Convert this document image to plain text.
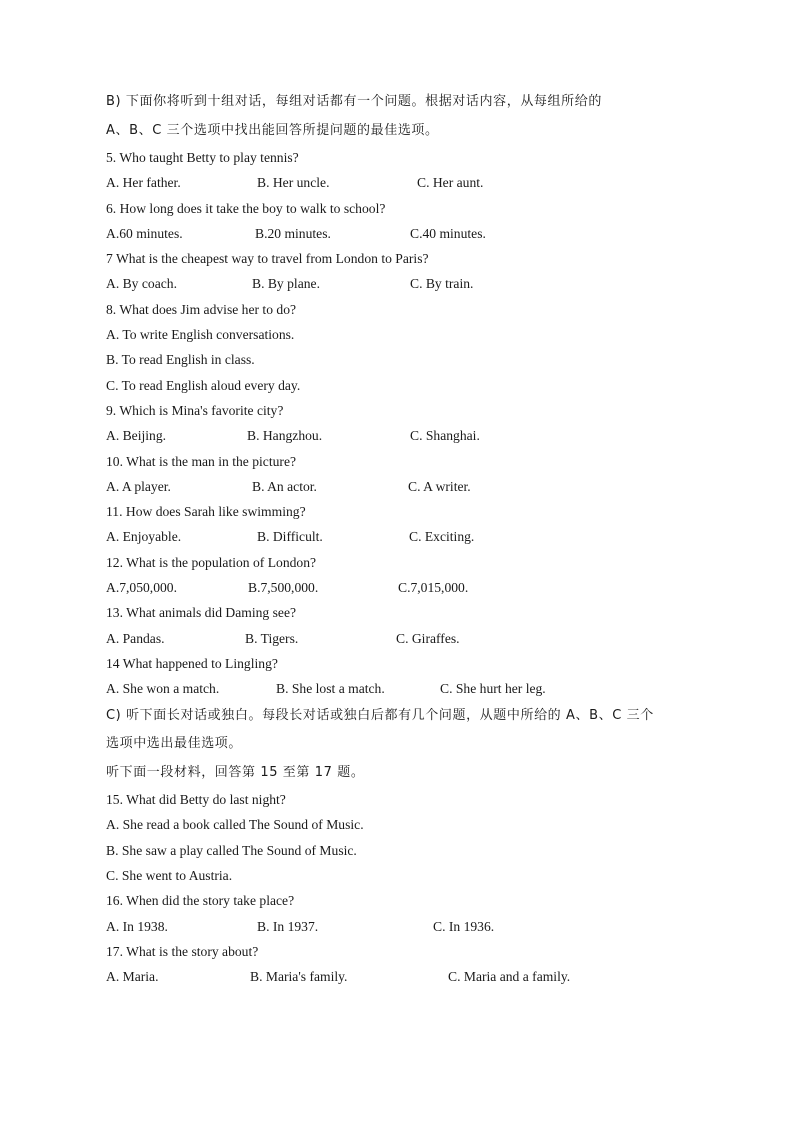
B) 下面你将听到十组对话，每组对话都有一个问题。根据对话内容，从每组所给的
A、B、C 三个选项中找出能回答所提问题的最佳选项。
5. Who taught Betty to play tennis?
A. Her father.	B. Her uncle.	C. Her aunt.
6. How long does it take the boy to walk to school?
A.60 minutes.	B.20 minutes.	C.40 minutes.
7 What is the cheapest way to travel from London to Paris?
A. By coach.	B. By plane.	C. By train.
8. What does Jim advise her to do?
A. To write English conversations.
B. To read English in class.
C. To read English aloud every day.
9. Which is Mina's favorite city?
A. Beijing.	B. Hangzhou.	C. Shanghai.
10. What is the man in the picture?
A. A player.	B. An actor.	C. A writer.
11. How does Sarah like swimming?
A. Enjoyable.	B. Difficult.	C. Exciting.
12. What is the population of London?
A.7,050,000.	B.7,500,000.	C.7,015,000.
13. What animals did Daming see?
A. Pandas.	B. Tigers.	C. Giraffes.
14 What happened to Lingling?
A. She won a match.	B. She lost a match.	C. She hurt her leg.
C) 听下面长对话或独白。每段长对话或独白后都有几个问题，从题中所给的 A、B、C 三个
选项中选出最佳选项。
听下面一段材料，回答第 15 至第 17 题。
15. What did Betty do last night?
A. She read a book called The Sound of Music.
B. She saw a play called The Sound of Music.
C. She went to Austria.
16. When did the story take place?
A. In 1938.	B. In 1937.	C. In 1936.
17. What is the story about?
A. Maria.	B. Maria's family.	C. Maria and a family.
